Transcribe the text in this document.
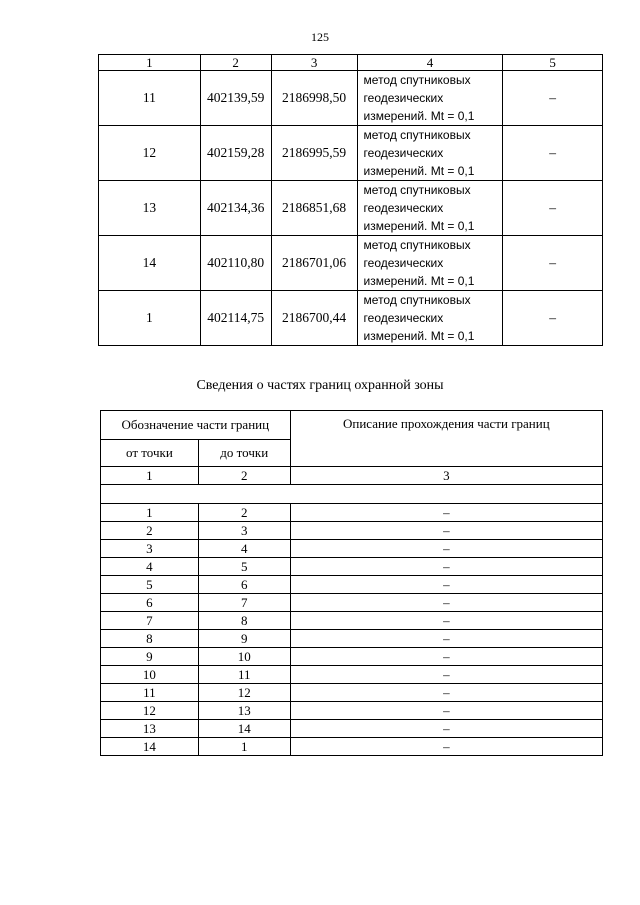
125
1	2	3	4	5
11	402139,59	2186998,50	метод спутниковых
геодезических
измерений. Mt = 0,1	–
12	402159,28	2186995,59	метод спутниковых
геодезических
измерений. Mt = 0,1	–
13	402134,36	2186851,68	метод спутниковых
геодезических
измерений. Mt = 0,1	–
14	402110,80	2186701,06	метод спутниковых
геодезических
измерений. Mt = 0,1	–
1	402114,75	2186700,44	метод спутниковых
геодезических
измерений. Mt = 0,1	–
Сведения о частях границ охранной зоны
Обозначение части границ		Описание прохождения части границ
от точки	до точки	
1	2	3

1	2	–
2	3	–
3	4	–
4	5	–
5	6	–
6	7	–
7	8	–
8	9	–
9	10	–
10	11	–
11	12	–
12	13	–
13	14	–
14	1	–
